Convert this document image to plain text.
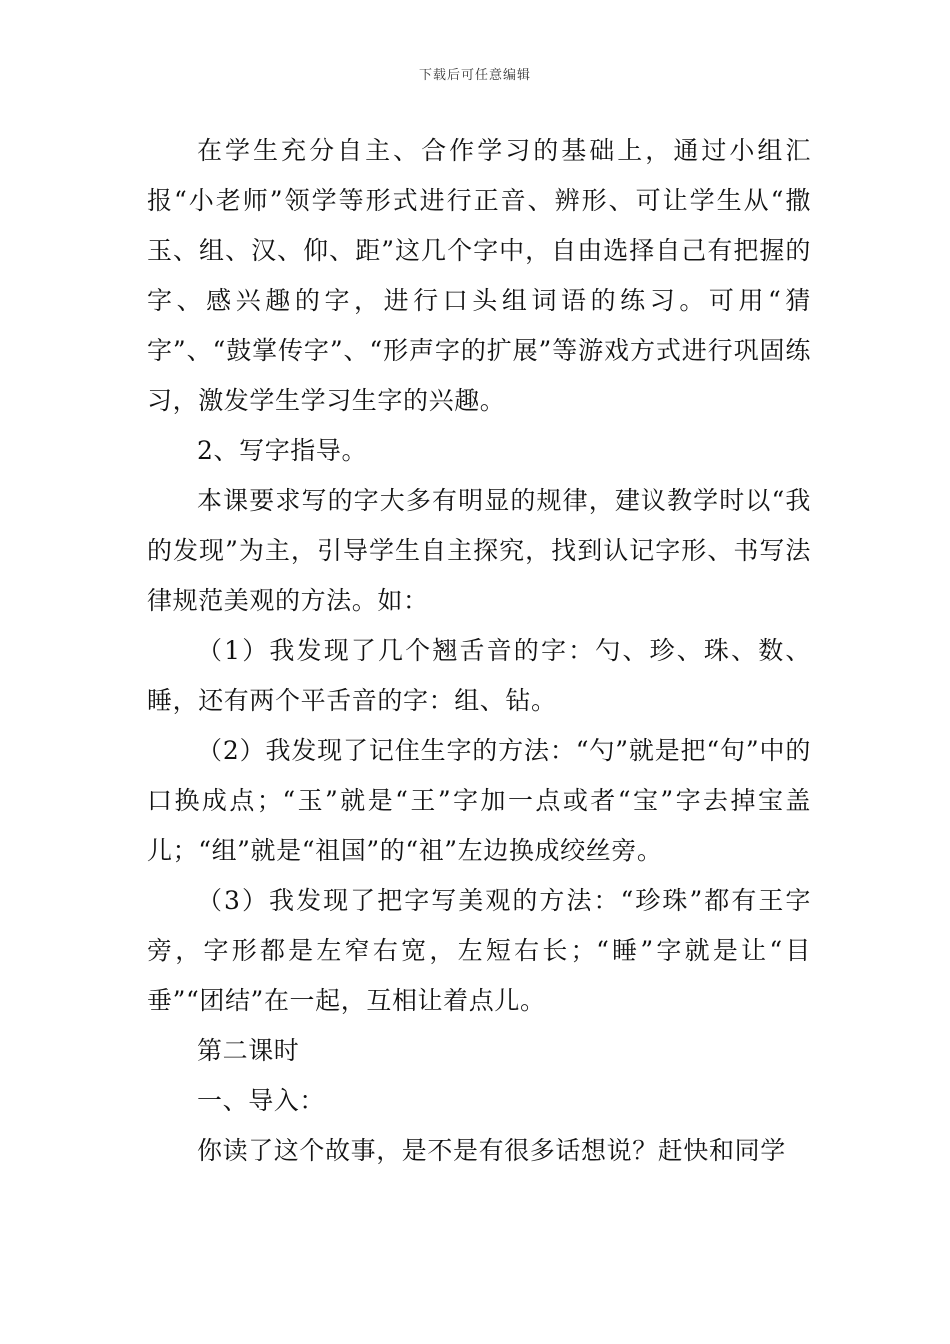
下载后可任意编辑

在学生充分自主、合作学习的基础上，通过小组汇报“小老师”领学等形式进行正音、辨形、可让学生从“撒玉、组、汉、仰、距”这几个字中，自由选择自己有把握的字、感兴趣的字，进行口头组词语的练习。可用“猜字”、“鼓掌传字”、“形声字的扩展”等游戏方式进行巩固练习，激发学生学习生字的兴趣。

2、写字指导。

本课要求写的字大多有明显的规律，建议教学时以“我的发现”为主，引导学生自主探究，找到认记字形、书写法律规范美观的方法。如：

（1）我发现了几个翘舌音的字：勺、珍、珠、数、睡，还有两个平舌音的字：组、钻。

（2）我发现了记住生字的方法：“勺”就是把“句”中的口换成点；“玉”就是“王”字加一点或者“宝”字去掉宝盖儿；“组”就是“祖国”的“祖”左边换成绞丝旁。

（3）我发现了把字写美观的方法：“珍珠”都有王字旁，字形都是左窄右宽，左短右长；“睡”字就是让“目垂”“团结”在一起，互相让着点儿。

第二课时

一、导入：

你读了这个故事，是不是有很多话想说？赶快和同学
